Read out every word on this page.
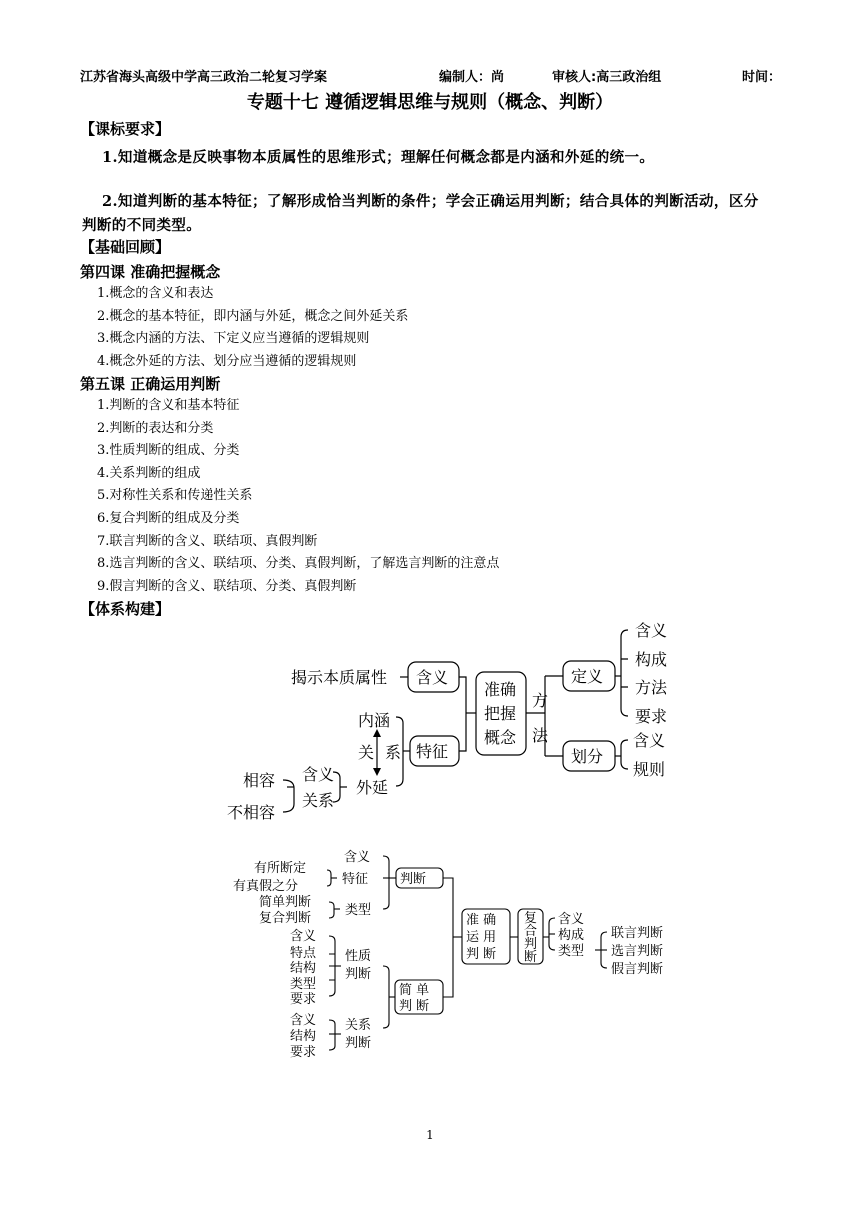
江苏省海头高级中学高三政治二轮复习学案	编制人：尚	审核人:高三政治组	时间：
专题十七 遵循逻辑思维与规则（概念、判断）
【课标要求】
1.知道概念是反映事物本质属性的思维形式；理解任何概念都是内涵和外延的统一。
2.知道判断的基本特征；了解形成恰当判断的条件；学会正确运用判断；结合具体的判断活动，区分判断的不同类型。
【基础回顾】
第四课 准确把握概念
1.概念的含义和表达
2.概念的基本特征，即内涵与外延，概念之间外延关系
3.概念内涵的方法、下定义应当遵循的逻辑规则
4.概念外延的方法、划分应当遵循的逻辑规则
第五课 正确运用判断
1.判断的含义和基本特征
2.判断的表达和分类
3.性质判断的组成、分类
4.关系判断的组成
5.对称性关系和传递性关系
6.复合判断的组成及分类
7.联言判断的含义、联结项、真假判断
8.选言判断的含义、联结项、分类、真假判断，了解选言判断的注意点
9.假言判断的含义、联结项、分类、真假判断
【体系构建】
揭示本质属性 含义
特征
准确
把握
概念
方
法
定义
划分
含义
构成
方法
要求
含义
规则
内涵
关 系
外延
含义
关系
相容
不相容
判断
准 确
运 用
判 断
复
合
判
断
含义
构成
类型
联言判断
选言判断
假言判断
简 单
判 断
含义
特征
类型
有所断定
有真假之分
简单判断
复合判断
性质
判断
含义
特点
结构
类型
要求
关系
判断
含义
结构
要求
1
